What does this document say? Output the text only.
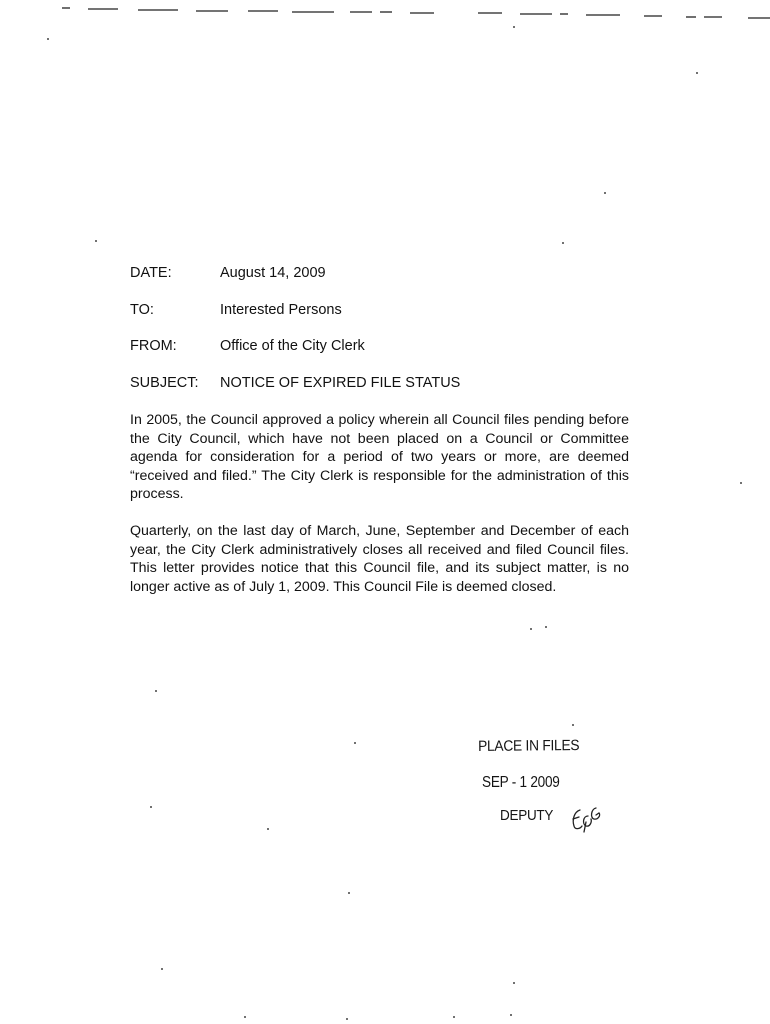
DATE:	August 14, 2009
TO:	Interested Persons
FROM:	Office of the City Clerk
SUBJECT:	NOTICE OF EXPIRED FILE STATUS

In 2005, the Council approved a policy wherein all Council files pending before the City Council, which have not been placed on a Council or Committee agenda for consideration for a period of two years or more, are deemed “received and filed.” The City Clerk is responsible for the administration of this process.

Quarterly, on the last day of March, June, September and December of each year, the City Clerk administratively closes all received and filed Council files. This letter provides notice that this Council file, and its subject matter, is no longer active as of July 1, 2009. This Council File is deemed closed.

PLACE IN FILES
SEP - 1 2009
DEPUTY
